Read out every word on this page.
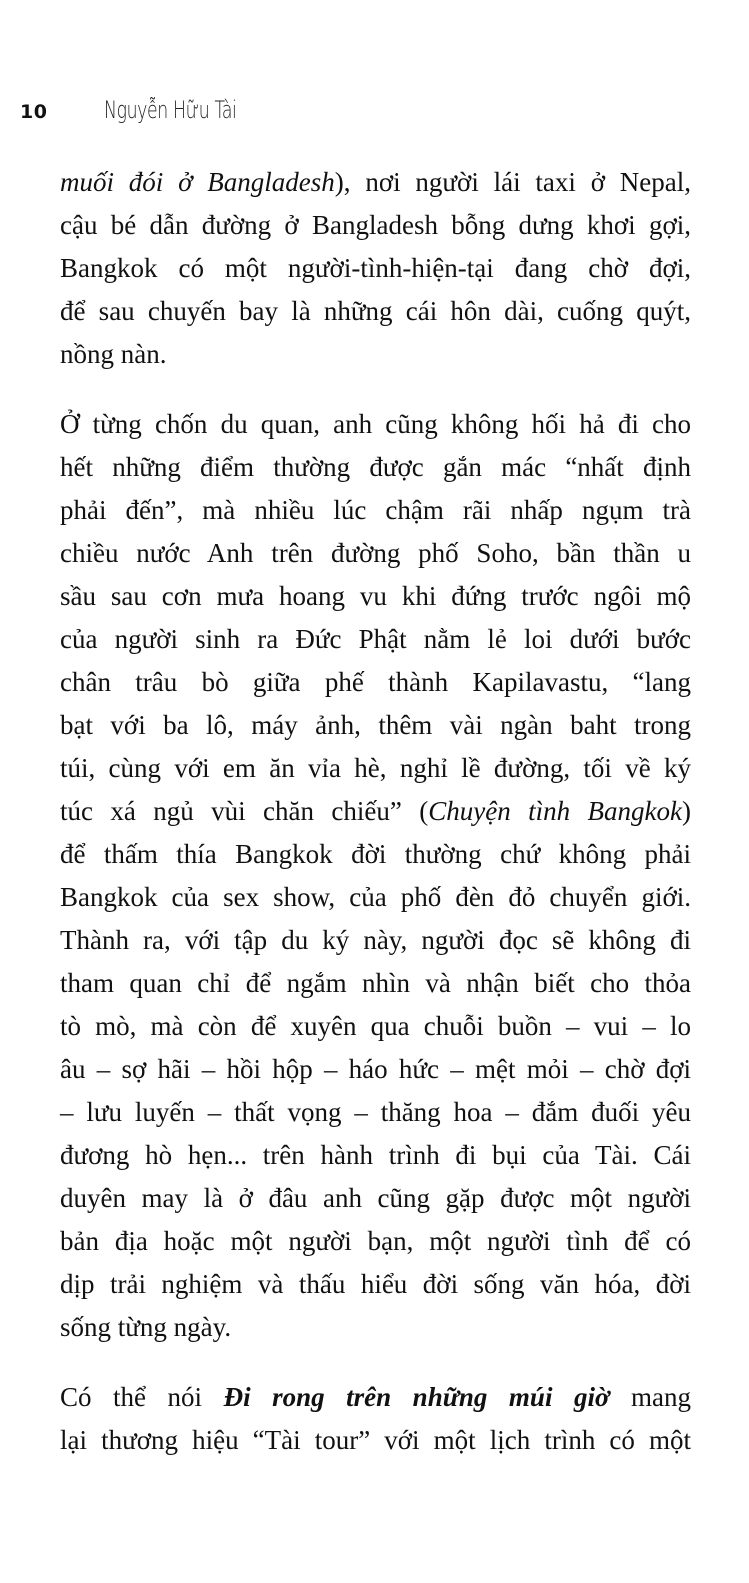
10	Nguyễn Hữu Tài
muối đói ở Bangladesh), nơi người lái taxi ở Nepal,
cậu bé dẫn đường ở Bangladesh bỗng dưng khơi gợi,
Bangkok có một người-tình-hiện-tại đang chờ đợi,
để sau chuyến bay là những cái hôn dài, cuống quýt,
nồng nàn.
Ở từng chốn du quan, anh cũng không hối hả đi cho
hết những điểm thường được gắn mác “nhất định
phải đến”, mà nhiều lúc chậm rãi nhấp ngụm trà
chiều nước Anh trên đường phố Soho, bần thần u
sầu sau cơn mưa hoang vu khi đứng trước ngôi mộ
của người sinh ra Đức Phật nằm lẻ loi dưới bước
chân trâu bò giữa phế thành Kapilavastu, “lang
bạt với ba lô, máy ảnh, thêm vài ngàn baht trong
túi, cùng với em ăn vỉa hè, nghỉ lề đường, tối về ký
túc xá ngủ vùi chăn chiếu” (Chuyện tình Bangkok)
để thấm thía Bangkok đời thường chứ không phải
Bangkok của sex show, của phố đèn đỏ chuyển giới.
Thành ra, với tập du ký này, người đọc sẽ không đi
tham quan chỉ để ngắm nhìn và nhận biết cho thỏa
tò mò, mà còn để xuyên qua chuỗi buồn – vui – lo
âu – sợ hãi – hồi hộp – háo hức – mệt mỏi – chờ đợi
– lưu luyến – thất vọng – thăng hoa – đắm đuối yêu
đương hò hẹn... trên hành trình đi bụi của Tài. Cái
duyên may là ở đâu anh cũng gặp được một người
bản địa hoặc một người bạn, một người tình để có
dịp trải nghiệm và thấu hiểu đời sống văn hóa, đời
sống từng ngày.
Có thể nói Đi rong trên những múi giờ mang
lại thương hiệu “Tài tour” với một lịch trình có một
